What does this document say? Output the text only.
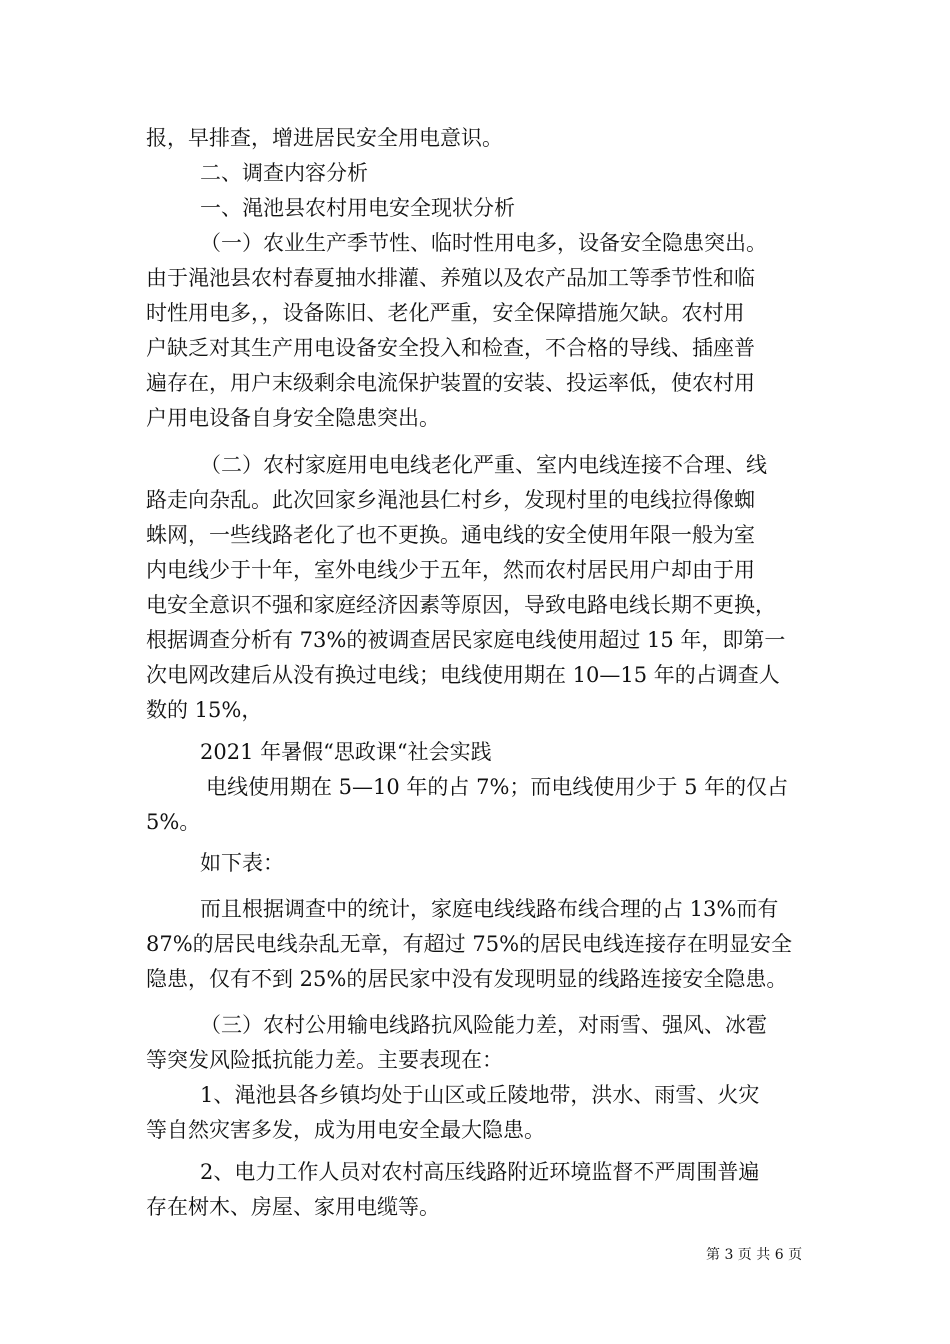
报，早排查，增进居民安全用电意识。
二、调查内容分析
一、渑池县农村用电安全现状分析
（一）农业生产季节性、临时性用电多，设备安全隐患突出。
由于渑池县农村春夏抽水排灌、养殖以及农产品加工等季节性和临
时性用电多，，设备陈旧、老化严重，安全保障措施欠缺。农村用
户缺乏对其生产用电设备安全投入和检查，不合格的导线、插座普
遍存在，用户末级剩余电流保护装置的安装、投运率低，使农村用
户用电设备自身安全隐患突出。
（二）农村家庭用电电线老化严重、室内电线连接不合理、线
路走向杂乱。此次回家乡渑池县仁村乡，发现村里的电线拉得像蜘
蛛网，一些线路老化了也不更换。通电线的安全使用年限一般为室
内电线少于十年，室外电线少于五年，然而农村居民用户却由于用
电安全意识不强和家庭经济因素等原因，导致电路电线长期不更换，
根据调查分析有 73%的被调查居民家庭电线使用超过 15 年，即第一
次电网改建后从没有换过电线；电线使用期在 10—15 年的占调查人
数的 15%，
2021 年暑假“思政课“社会实践
电线使用期在 5—10 年的占 7%；而电线使用少于 5 年的仅占
5%。
如下表：
而且根据调查中的统计，家庭电线线路布线合理的占 13%而有
87%的居民电线杂乱无章，有超过 75%的居民电线连接存在明显安全
隐患，仅有不到 25%的居民家中没有发现明显的线路连接安全隐患。
（三）农村公用输电线路抗风险能力差，对雨雪、强风、冰雹
等突发风险抵抗能力差。主要表现在：
1、渑池县各乡镇均处于山区或丘陵地带，洪水、雨雪、火灾
等自然灾害多发，成为用电安全最大隐患。
2、电力工作人员对农村高压线路附近环境监督不严周围普遍
存在树木、房屋、家用电缆等。
第 3 页 共 6 页
